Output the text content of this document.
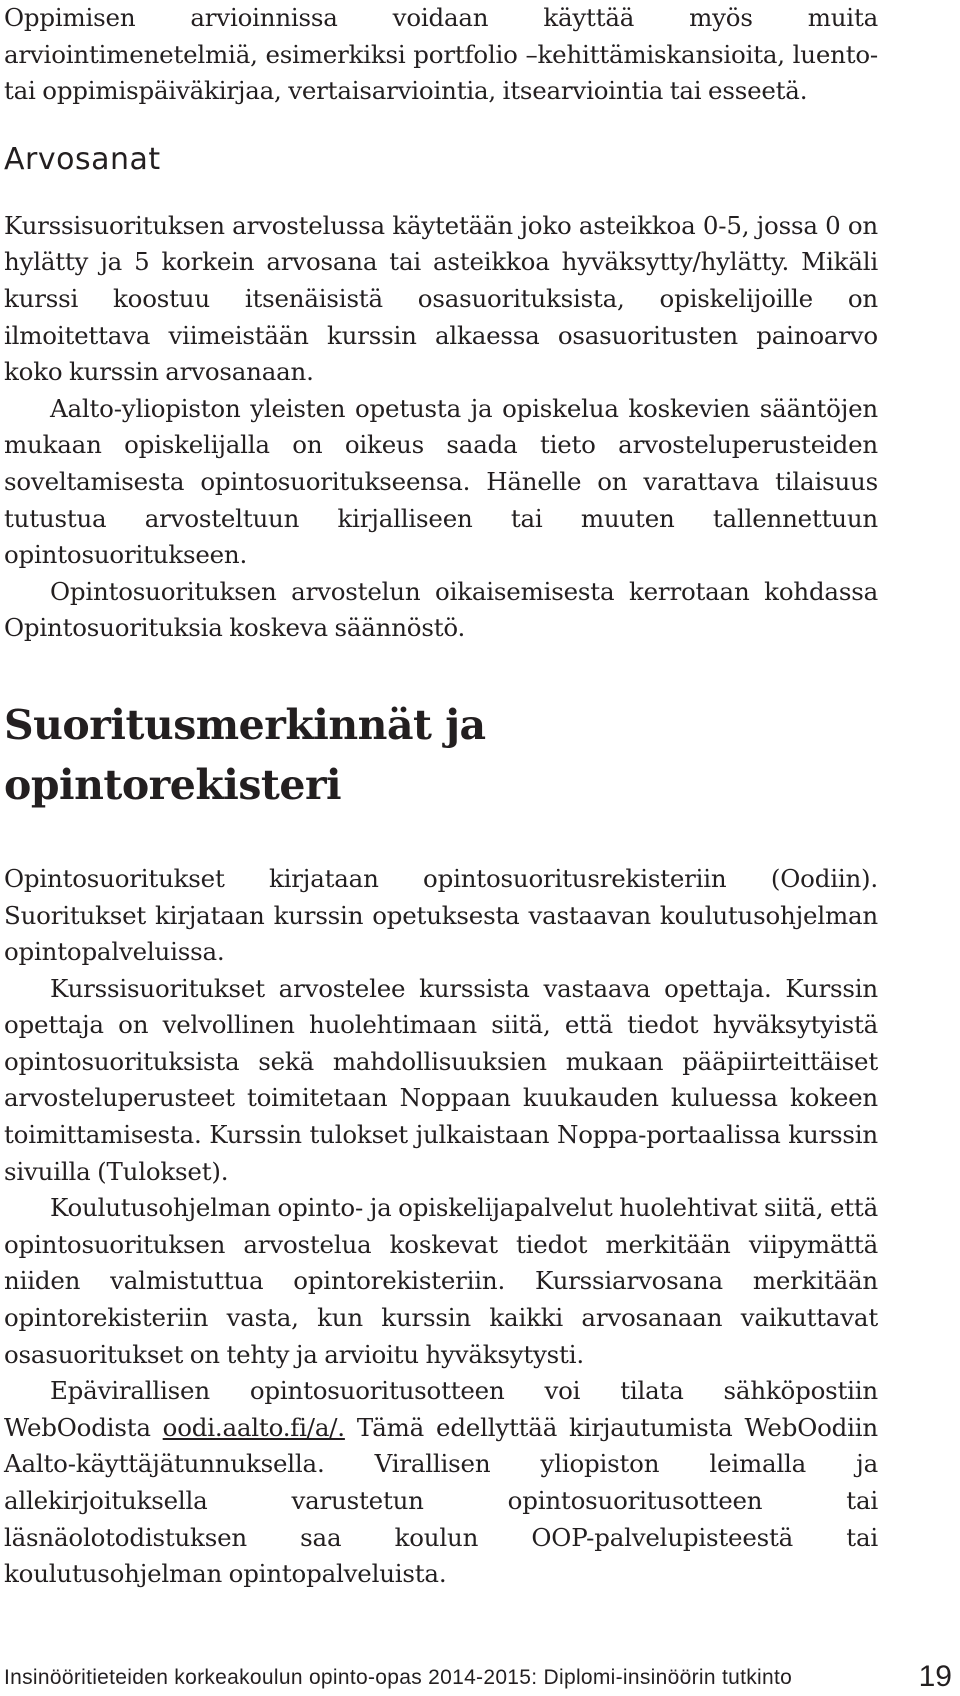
Oppimisen arvioinnissa voidaan käyttää myös muita arviointimenetelmiä, esimerkiksi portfolio –kehittämiskansioita, luento- tai oppimispäiväkirjaa, vertaisarviointia, itsearviointia tai esseetä.

Arvosanat

Kurssisuorituksen arvostelussa käytetään joko asteikkoa 0-5, jossa 0 on hylätty ja 5 korkein arvosana tai asteikkoa hyväksytty/hylätty. Mikäli kurssi koostuu itsenäisistä osasuorituksista, opiskelijoille on ilmoitettava viimeistään kurssin alkaessa osasuoritusten painoarvo koko kurssin arvosanaan.

Aalto-yliopiston yleisten opetusta ja opiskelua koskevien sääntöjen mukaan opiskelijalla on oikeus saada tieto arvosteluperusteiden soveltamisesta opintosuoritukseensa. Hänelle on varattava tilaisuus tutustua arvosteltuun kirjalliseen tai muuten tallennettuun opintosuoritukseen.

Opintosuorituksen arvostelun oikaisemisesta kerrotaan kohdassa Opintosuorituksia koskeva säännöstö.

Suoritusmerkinnät ja
opintorekisteri

Opintosuoritukset kirjataan opintosuoritusrekisteriin (Oodiin). Suoritukset kirjataan kurssin opetuksesta vastaavan koulutusohjelman opintopalveluissa.

Kurssisuoritukset arvostelee kurssista vastaava opettaja. Kurssin opettaja on velvollinen huolehtimaan siitä, että tiedot hyväksytyistä opintosuorituksista sekä mahdollisuuksien mukaan pääpiirteittäiset arvosteluperusteet toimitetaan Noppaan kuukauden kuluessa kokeen toimittamisesta. Kurssin tulokset julkaistaan Noppa-portaalissa kurssin sivuilla (Tulokset).

Koulutusohjelman opinto- ja opiskelijapalvelut huolehtivat siitä, että opintosuorituksen arvostelua koskevat tiedot merkitään viipymättä niiden valmistuttua opintorekisteriin. Kurssiarvosana merkitään opintorekisteriin vasta, kun kurssin kaikki arvosanaan vaikuttavat osasuoritukset on tehty ja arvioitu hyväksytysti.

Epävirallisen opintosuoritusotteen voi tilata sähköpostiin WebOodista oodi.aalto.fi/a/. Tämä edellyttää kirjautumista WebOodiin Aalto-käyttäjätunnuksella. Virallisen yliopiston leimalla ja allekirjoituksella varustetun opintosuoritusotteen tai läsnäolotodistuksen saa koulun OOP-palvelupisteestä tai koulutusohjelman opintopalveluista.

Insinööritieteiden korkeakoulun opinto-opas 2014-2015: Diplomi-insinöörin tutkinto	19
